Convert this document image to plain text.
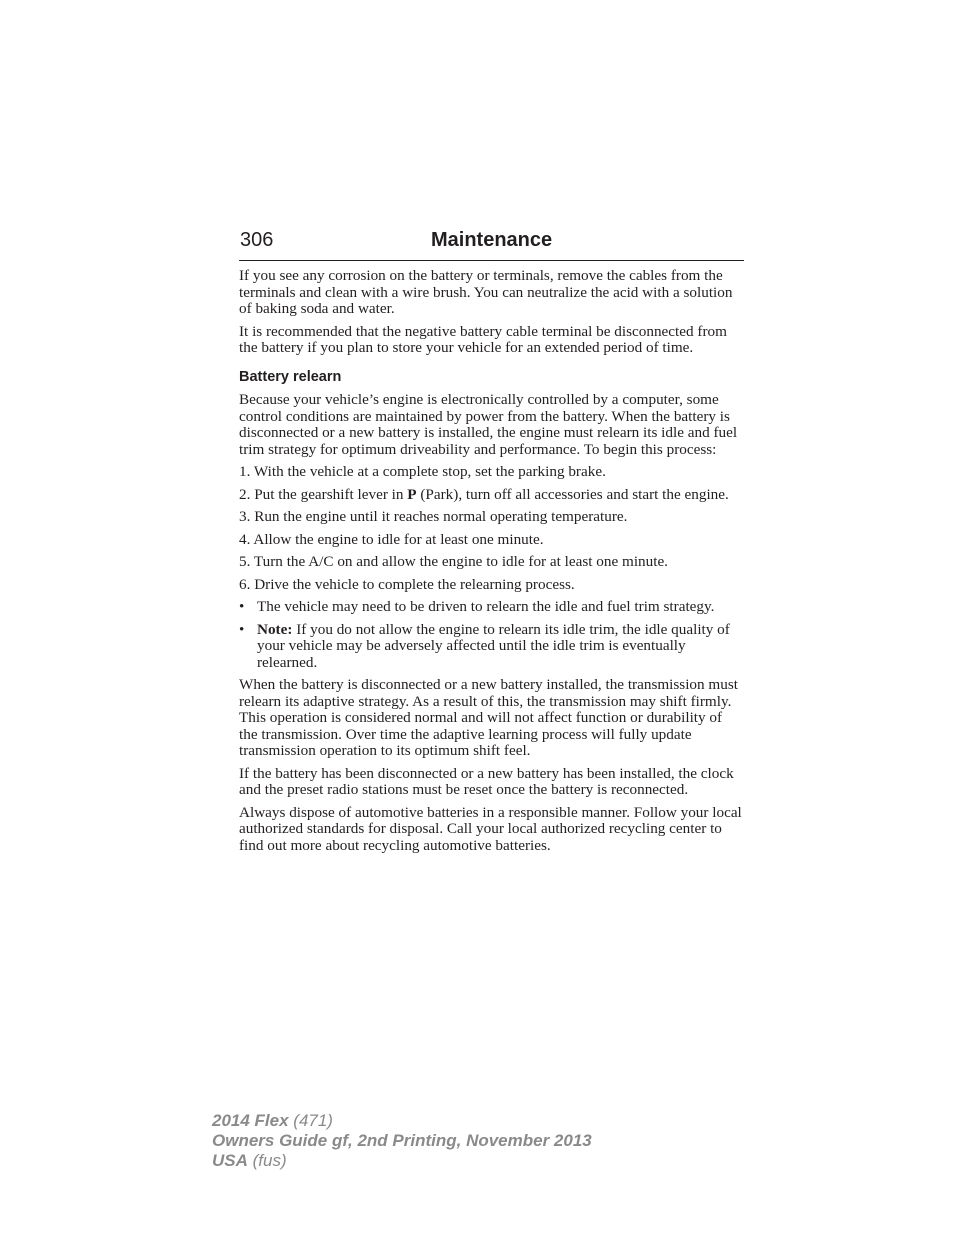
306	Maintenance

If you see any corrosion on the battery or terminals, remove the cables from the terminals and clean with a wire brush. You can neutralize the acid with a solution of baking soda and water.

It is recommended that the negative battery cable terminal be disconnected from the battery if you plan to store your vehicle for an extended period of time.

Battery relearn

Because your vehicle’s engine is electronically controlled by a computer, some control conditions are maintained by power from the battery. When the battery is disconnected or a new battery is installed, the engine must relearn its idle and fuel trim strategy for optimum driveability and performance. To begin this process:

1. With the vehicle at a complete stop, set the parking brake.

2. Put the gearshift lever in P (Park), turn off all accessories and start the engine.

3. Run the engine until it reaches normal operating temperature.

4. Allow the engine to idle for at least one minute.

5. Turn the A/C on and allow the engine to idle for at least one minute.

6. Drive the vehicle to complete the relearning process.

• The vehicle may need to be driven to relearn the idle and fuel trim strategy.
• Note: If you do not allow the engine to relearn its idle trim, the idle quality of your vehicle may be adversely affected until the idle trim is eventually relearned.

When the battery is disconnected or a new battery installed, the transmission must relearn its adaptive strategy. As a result of this, the transmission may shift firmly. This operation is considered normal and will not affect function or durability of the transmission. Over time the adaptive learning process will fully update transmission operation to its optimum shift feel.

If the battery has been disconnected or a new battery has been installed, the clock and the preset radio stations must be reset once the battery is reconnected.

Always dispose of automotive batteries in a responsible manner. Follow your local authorized standards for disposal. Call your local authorized recycling center to find out more about recycling automotive batteries.

2014 Flex (471)
Owners Guide gf, 2nd Printing, November 2013
USA (fus)
